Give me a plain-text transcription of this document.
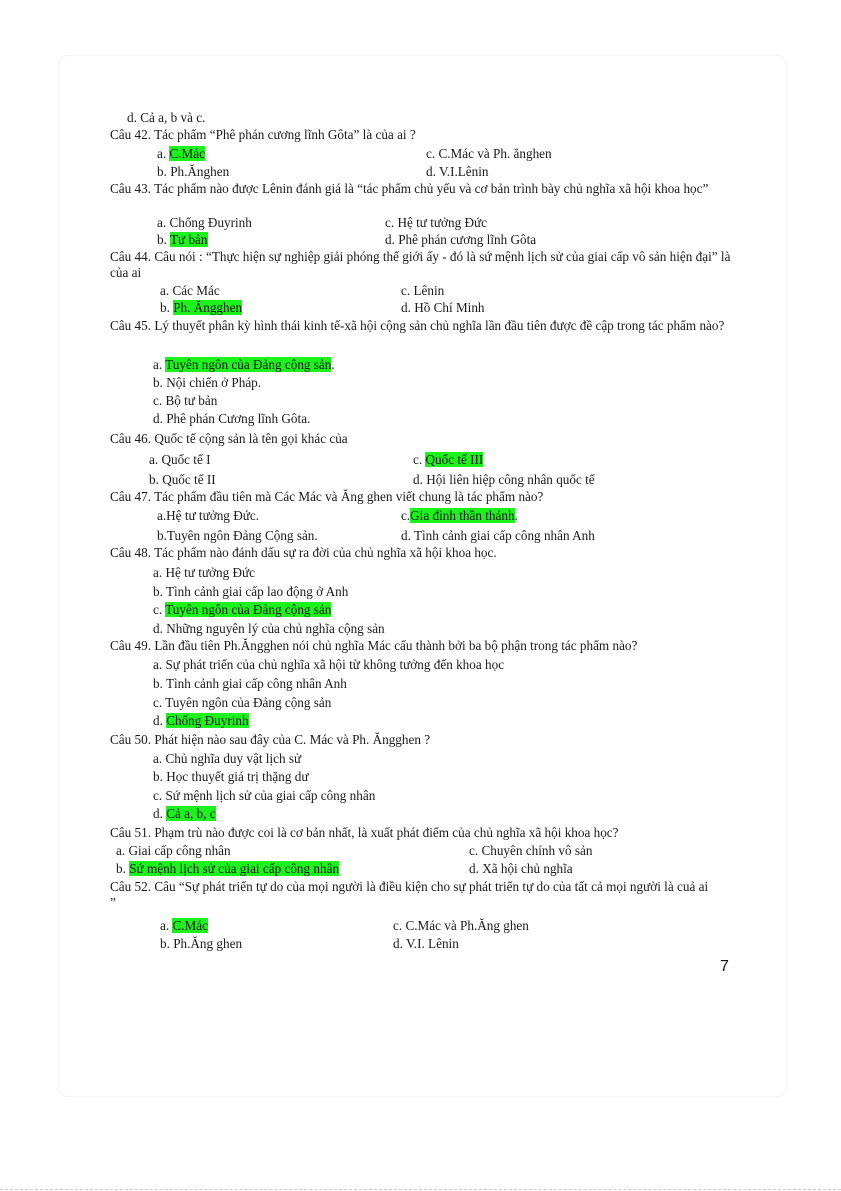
d. Cả a, b và c.
Câu 42. Tác phẩm “Phê phán cương lĩnh Gôta” là của ai ?
a. C.Mác	c. C.Mác và Ph. ănghen
b. Ph.Ănghen	d. V.I.Lênin
Câu 43. Tác phẩm nào được Lênin đánh giá là “tác phẩm chủ yếu và cơ bản trình bày chủ nghĩa xã hội khoa học”
a. Chống Đuyrinh	c. Hệ tư tưởng Đức
b. Tư bản	d. Phê phán cương lĩnh Gôta
Câu 44. Câu nói : “Thực hiện sự nghiệp giải phóng thế giới ấy - đó là sứ mệnh lịch sử của giai cấp vô sản hiện đại” là của ai
a. Các Mác	c. Lênin
b. Ph. Ăngghen	d. Hồ Chí Minh
Câu 45. Lý thuyết phân kỳ hình thái kinh tế-xã hội cộng sản chủ nghĩa lần đầu tiên được đề cập trong tác phẩm nào?
a. Tuyên ngôn của Đảng cộng sản.
b. Nội chiến ở Pháp.
c. Bộ tư bản
d. Phê phán Cương lĩnh Gôta.
Câu 46. Quốc tế cộng sản là tên gọi khác của
a. Quốc tế I	c. Quốc tế III
b. Quốc tế II	d. Hội liên hiệp công nhân quốc tế
Câu 47. Tác phẩm đầu tiên mà Các Mác và Ăng ghen viết chung là tác phẩm nào?
a.Hệ tư tưởng Đức.	c.Gia đình thần thánh.
b.Tuyên ngôn Đảng Cộng sản.	d. Tình cảnh giai cấp công nhân Anh
Câu 48. Tác phẩm nào đánh dấu sự ra đời của chủ nghĩa xã hội khoa học.
a. Hệ tư tưởng Đức
b. Tình cảnh giai cấp lao động ở Anh
c. Tuyên ngôn của Đảng cộng sản
d. Những nguyên lý của chủ nghĩa cộng sản
Câu 49. Lần đầu tiên Ph.Ăngghen nói chủ nghĩa Mác cấu thành bởi ba bộ phận trong tác phẩm nào?
a. Sự phát triển của chủ nghĩa xã hội từ không tưởng đến khoa học
b. Tình cảnh giai cấp công nhân Anh
c. Tuyên ngôn của Đảng cộng sản
d. Chống Đuyrinh
Câu 50. Phát hiện nào sau đây của C. Mác và Ph. Ăngghen ?
a. Chủ nghĩa duy vật lịch sử
b. Học thuyết giá trị thặng dư
c. Sứ mệnh lịch sử của giai cấp công nhân
d. Cả a, b, c
Câu 51. Phạm trù nào được coi là cơ bản nhất, là xuất phát điểm của chủ nghĩa xã hội khoa học?
a. Giai cấp công nhân	c. Chuyên chính vô sản
b. Sứ mệnh lịch sử của giai cấp công nhân	d. Xã hội chủ nghĩa
Câu 52. Câu “Sự phát triển tự do của mọi người là điều kiện cho sự phát triển tự do của tất cả mọi người là cuả ai
”
a. C.Mác	c. C.Mác và Ph.Ăng ghen
b. Ph.Ăng ghen	d. V.I. Lênin
7
